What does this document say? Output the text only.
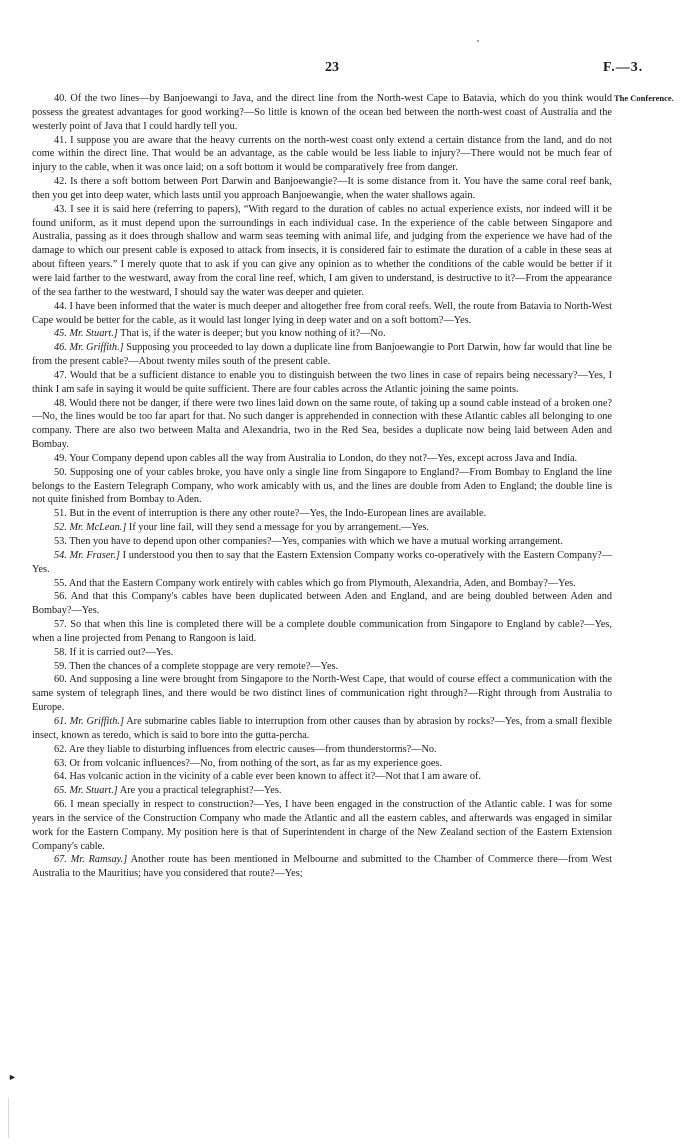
23	F.—3.
The Conference.

40. Of the two lines—by Banjoewangi to Java, and the direct line from the North-west Cape to Batavia, which do you think would possess the greatest advantages for good working?—So little is known of the ocean bed between the north-west coast of Australia and the westerly point of Java that I could hardly tell you.

41. I suppose you are aware that the heavy currents on the north-west coast only extend a certain distance from the land, and do not come within the direct line. That would be an advantage, as the cable would be less liable to injury?—There would not be much fear of injury to the cable, when it was once laid; on a soft bottom it would be comparatively free from danger.

42. Is there a soft bottom between Port Darwin and Banjoewangie?—It is some distance from it. You have the same coral reef bank, then you get into deep water, which lasts until you approach Banjoewangie, when the water shallows again.

43. I see it is said here (referring to papers), “With regard to the duration of cables no actual experience exists, nor indeed will it be found uniform, as it must depend upon the surroundings in each individual case. In the experience of the cable between Singapore and Australia, passing as it does through shallow and warm seas teeming with animal life, and judging from the experience we have had of the damage to which our present cable is exposed to attack from insects, it is considered fair to estimate the duration of a cable in these seas at about fifteen years.” I merely quote that to ask if you can give any opinion as to whether the conditions of the cable would be better if it were laid farther to the westward, away from the coral line reef, which, I am given to understand, is destructive to it?—From the appearance of the sea farther to the westward, I should say the water was deeper and quieter.

44. I have been informed that the water is much deeper and altogether free from coral reefs. Well, the route from Batavia to North-West Cape would be better for the cable, as it would last longer lying in deep water and on a soft bottom?—Yes.

45. Mr. Stuart.] That is, if the water is deeper; but you know nothing of it?—No.

46. Mr. Griffith.] Supposing you proceeded to lay down a duplicate line from Banjoewangie to Port Darwin, how far would that line be from the present cable?—About twenty miles south of the present cable.

47. Would that be a sufficient distance to enable you to distinguish between the two lines in case of repairs being necessary?—Yes, I think I am safe in saying it would be quite sufficient. There are four cables across the Atlantic joining the same points.

48. Would there not be danger, if there were two lines laid down on the same route, of taking up a sound cable instead of a broken one?—No, the lines would be too far apart for that. No such danger is apprehended in connection with these Atlantic cables all belonging to one company. There are also two between Malta and Alexandria, two in the Red Sea, besides a duplicate now being laid between Aden and Bombay.

49. Your Company depend upon cables all the way from Australia to London, do they not?—Yes, except across Java and India.

50. Supposing one of your cables broke, you have only a single line from Singapore to England?—From Bombay to England the line belongs to the Eastern Telegraph Company, who work amicably with us, and the lines are double from Aden to England; the double line is not quite finished from Bombay to Aden.

51. But in the event of interruption is there any other route?—Yes, the Indo-European lines are available.

52. Mr. McLean.] If your line fail, will they send a message for you by arrangement.—Yes.

53. Then you have to depend upon other companies?—Yes, companies with which we have a mutual working arrangement.

54. Mr. Fraser.] I understood you then to say that the Eastern Extension Company works co-operatively with the Eastern Company?—Yes.

55. And that the Eastern Company work entirely with cables which go from Plymouth, Alexandria, Aden, and Bombay?—Yes.

56. And that this Company's cables have been duplicated between Aden and England, and are being doubled between Aden and Bombay?—Yes.

57. So that when this line is completed there will be a complete double communication from Singapore to England by cable?—Yes, when a line projected from Penang to Rangoon is laid.

58. If it is carried out?—Yes.

59. Then the chances of a complete stoppage are very remote?—Yes.

60. And supposing a line were brought from Singapore to the North-West Cape, that would of course effect a communication with the same system of telegraph lines, and there would be two distinct lines of communication right through?—Right through from Australia to Europe.

61. Mr. Griffith.] Are submarine cables liable to interruption from other causes than by abrasion by rocks?—Yes, from a small flexible insect, known as teredo, which is said to bore into the gutta-percha.

62. Are they liable to disturbing influences from electric causes—from thunderstorms?—No.

63. Or from volcanic influences?—No, from nothing of the sort, as far as my experience goes.

64. Has volcanic action in the vicinity of a cable ever been known to affect it?—Not that I am aware of.

65. Mr. Stuart.] Are you a practical telegraphist?—Yes.

66. I mean specially in respect to construction?—Yes, I have been engaged in the construction of the Atlantic cable. I was for some years in the service of the Construction Company who made the Atlantic and all the eastern cables, and afterwards was engaged in similar work for the Eastern Company. My position here is that of Superintendent in charge of the New Zealand section of the Eastern Extension Company's cable.

67. Mr. Ramsay.] Another route has been mentioned in Melbourne and submitted to the Chamber of Commerce there—from West Australia to the Mauritius; have you considered that route?—Yes;

►
